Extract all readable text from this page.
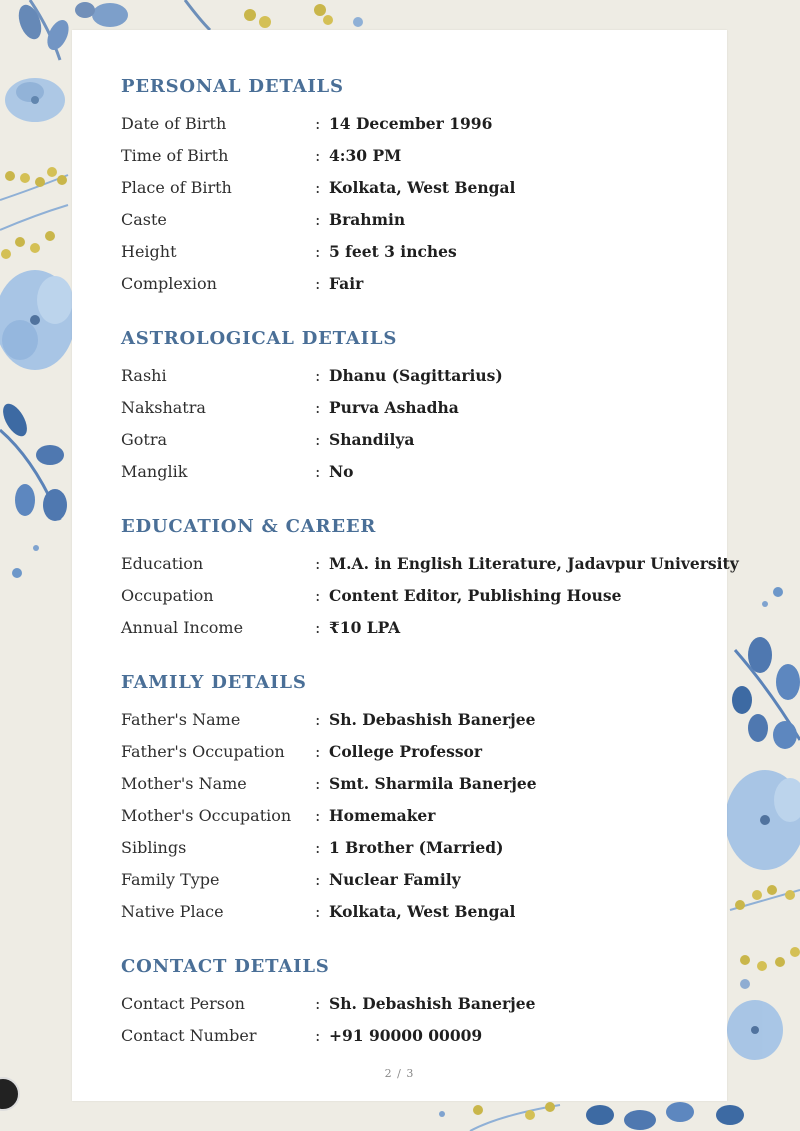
PERSONAL DETAILS
Date of Birth	: 14 December 1996
Time of Birth	: 4:30 PM
Place of Birth	: Kolkata, West Bengal
Caste	: Brahmin
Height	: 5 feet 3 inches
Complexion	: Fair
ASTROLOGICAL DETAILS
Rashi	: Dhanu (Sagittarius)
Nakshatra	: Purva Ashadha
Gotra	: Shandilya
Manglik	: No
EDUCATION & CAREER
Education	: M.A. in English Literature, Jadavpur University
Occupation	: Content Editor, Publishing House
Annual Income	: ₹10 LPA
FAMILY DETAILS
Father's Name	: Sh. Debashish Banerjee
Father's Occupation : College Professor
Mother's Name	: Smt. Sharmila Banerjee
Mother's Occupation : Homemaker
Siblings	: 1 Brother (Married)
Family Type	: Nuclear Family
Native Place	: Kolkata, West Bengal
CONTACT DETAILS
Contact Person	: Sh. Debashish Banerjee
Contact Number	: +91 90000 00009
2 / 3
